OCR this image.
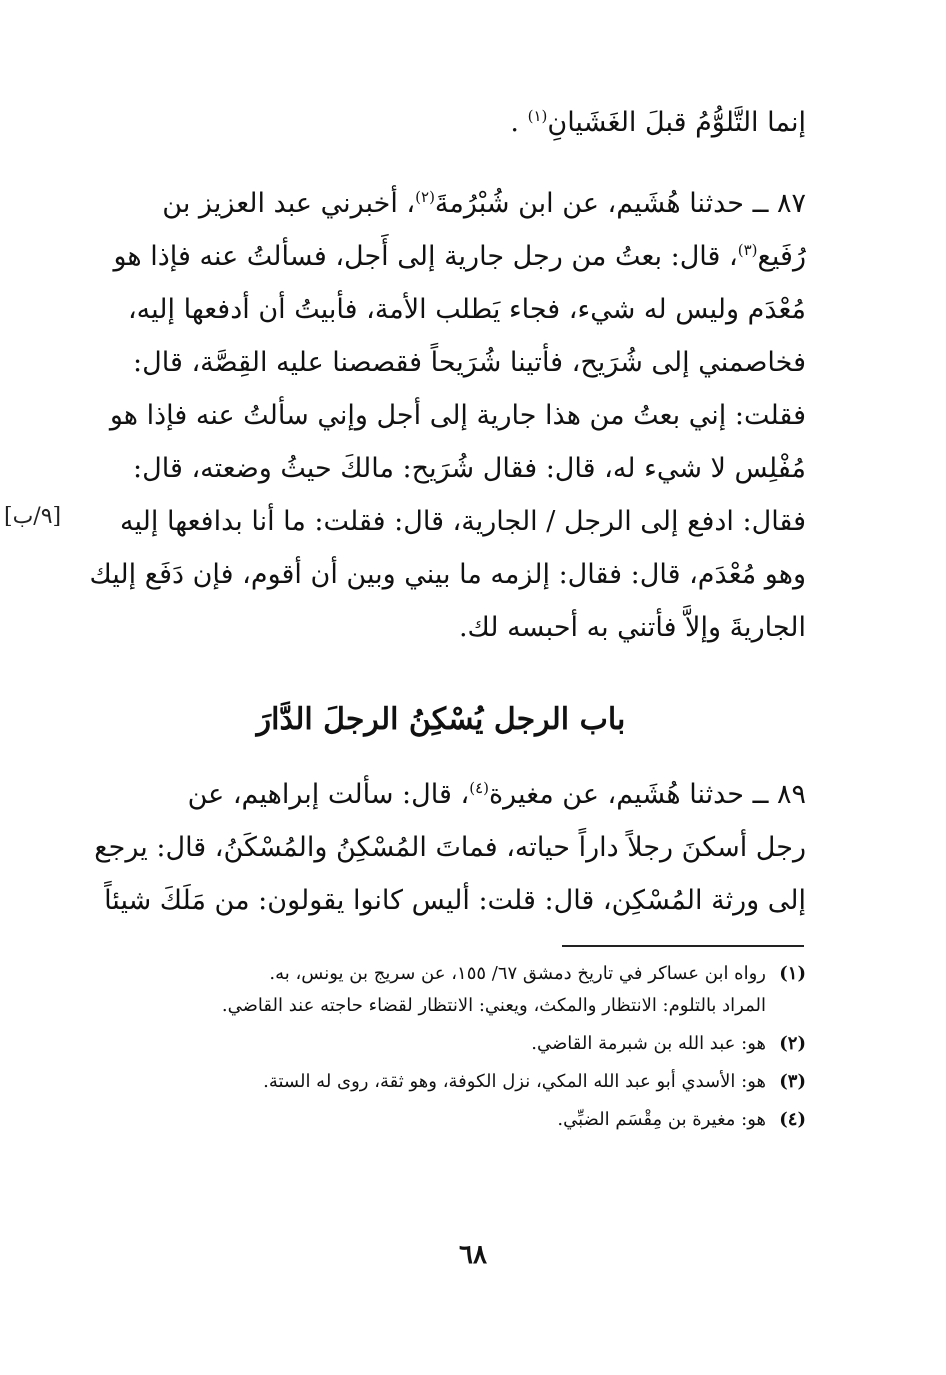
إنما التَّلوُّمُ قبلَ الغَشَيانِ$^{(١)}$ .
٨٧ ــ حدثنا هُشَيم، عن ابن شُبْرُمةَ$^{(٢)}$، أخبرني عبد العزيز بن
رُفَيع$^{(٣)}$، قال: بعتُ من رجل جارية إلى أَجل، فسألتُ عنه فإذا هو
مُعْدَم وليس له شيء، فجاء يَطلب الأمة، فأبيتُ أن أدفعها إليه،
فخاصمني إلى شُرَيح، فأتينا شُرَيحاً فقصصنا عليه القِصَّة، قال:
فقلت: إني بعتُ من هذا جارية إلى أجل وإني سألتُ عنه فإذا هو
مُفْلِس لا شيء له، قال: فقال شُرَيح: مالكَ حيثُ وضعته، قال:
فقال: ادفع إلى الرجل / الجارية، قال: فقلت: ما أنا بدافعها إليه
وهو مُعْدَم، قال: فقال: إلزمه ما بيني وبين أن أقوم، فإن دَفَع إليك
الجاريةَ وإلاَّ فأتني به أحبسه لك.
[٩/ب]
باب الرجل يُسْكِنُ الرجلَ الدَّارَ
٨٩ ــ حدثنا هُشَيم، عن مغيرة$^{(٤)}$، قال: سألت إبراهيم، عن
رجل أسكنَ رجلاً داراً حياته، فماتَ المُسْكِنُ والمُسْكَنُ، قال: يرجع
إلى ورثة المُسْكِن، قال: قلت: أليس كانوا يقولون: من مَلَكَ شيئاً
(١)
رواه ابن عساكر في تاريخ دمشق ٦٧/ ١٥٥، عن سريج بن يونس، به.
المراد بالتلوم: الانتظار والمكث، ويعني: الانتظار لقضاء حاجته عند القاضي.
(٢)
هو: عبد الله بن شبرمة القاضي.
(٣)
هو: الأسدي أبو عبد الله المكي، نزل الكوفة، وهو ثقة، روى له الستة.
(٤)
هو: مغيرة بن مِقْسَم الضبِّي.
٦٨
